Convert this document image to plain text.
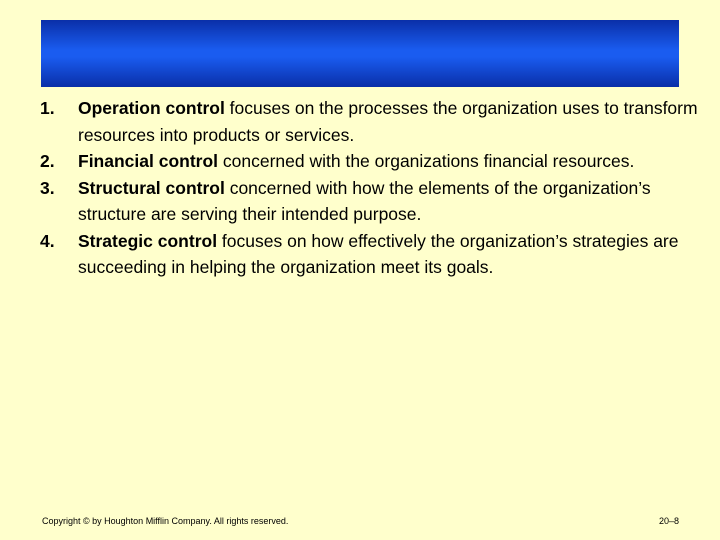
1.	Operation control focuses on the processes the organization uses to transform resources into products or services.
2.	Financial control concerned with the organizations financial resources.
3.	Structural control concerned with how the elements of the organization’s structure are serving their intended purpose.
4.	Strategic control focuses on how effectively the organization’s strategies are succeeding in helping the organization meet its goals.
Copyright © by Houghton Mifflin Company. All rights reserved.	20–8
